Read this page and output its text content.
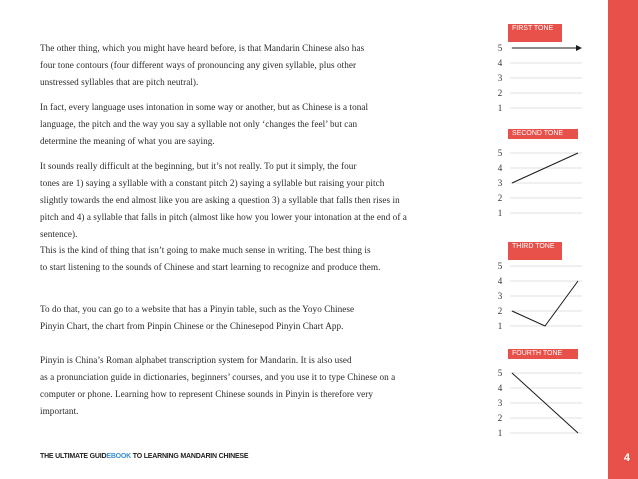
4

The other thing, which you might have heard before, is that Mandarin Chinese also has
four tone contours (four different ways of pronouncing any given syllable, plus other
unstressed syllables that are pitch neutral).

In fact, every language uses intonation in some way or another, but as Chinese is a tonal
language, the pitch and the way you say a syllable not only ‘changes the feel’ but can
determine the meaning of what you are saying.

It sounds really difficult at the beginning, but it’s not really. To put it simply, the four
tones are 1) saying a syllable with a constant pitch 2) saying a syllable but raising your pitch
slightly towards the end almost like you are asking a question 3) a syllable that falls then rises in
pitch and 4) a syllable that falls in pitch (almost like how you lower your intonation at the end of a
sentence).

This is the kind of thing that isn’t going to make much sense in writing. The best thing is
to start listening to the sounds of Chinese and start learning to recognize and produce them.

To do that, you can go to a website that has a Pinyin table, such as the Yoyo Chinese
Pinyin Chart, the chart from Pinpin Chinese or the Chinesepod Pinyin Chart App.

Pinyin is China’s Roman alphabet transcription system for Mandarin. It is also used
as a pronunciation guide in dictionaries, beginners’ courses, and you use it to type Chinese on a
computer or phone. Learning how to represent Chinese sounds in Pinyin is therefore very
important.

FIRST TONE
5
4
3
2
1
SECOND TONE
5
4
3
2
1
THIRD TONE
5
4
3
2
1
FOURTH TONE
5
4
3
2
1
THE ULTIMATE GUIDEBOOK TO LEARNING MANDARIN CHINESE
